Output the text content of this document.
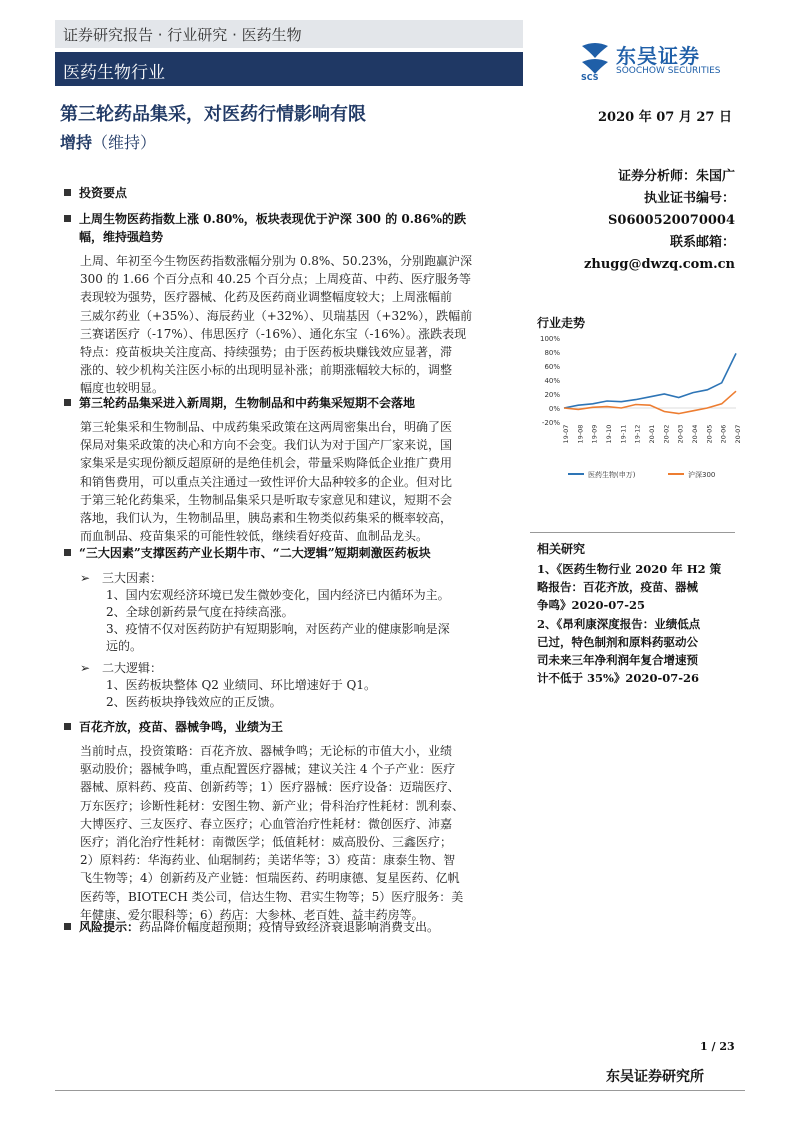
证券研究报告 · 行业研究 · 医药生物
医药生物行业	SCS
东吴证券
SOOCHOW SECURITIES
第三轮药品集采，对医药行情影响有限
增持（维持）
2020 年 07 月 27 日
证券分析师：朱国广
执业证书编号：
S0600520070004
联系邮箱：
zhugg@dwzq.com.cn
投资要点
上周生物医药指数上涨 0.80%，板块表现优于沪深 300 的 0.86%的跌
幅，维持强趋势
上周、年初至今生物医药指数涨幅分别为 0.8%、50.23%，分别跑赢沪深
300 的 1.66 个百分点和 40.25 个百分点；上周疫苗、中药、医疗服务等
表现较为强势，医疗器械、化药及医药商业调整幅度较大；上周涨幅前
三威尔药业（+35%）、海辰药业（+32%）、贝瑞基因（+32%），跌幅前
三赛诺医疗（-17%）、伟思医疗（-16%）、通化东宝（-16%）。涨跌表现
特点：疫苗板块关注度高、持续强势；由于医药板块赚钱效应显著，滞
涨的、较少机构关注医小标的出现明显补涨；前期涨幅较大标的，调整
幅度也较明显。
第三轮药品集采进入新周期，生物制品和中药集采短期不会落地
第三轮集采和生物制品、中成药集采政策在这两周密集出台，明确了医
保局对集采政策的决心和方向不会变。我们认为对于国产厂家来说，国
家集采是实现份额反超原研的是绝佳机会，带量采购降低企业推广费用
和销售费用，可以重点关注通过一致性评价大品种较多的企业。但对比
于第三轮化药集采，生物制品集采只是听取专家意见和建议，短期不会
落地，我们认为，生物制品里，胰岛素和生物类似药集采的概率较高，
而血制品、疫苗集采的可能性较低，继续看好疫苗、血制品龙头。
“三大因素”支撑医药产业长期牛市、“二大逻辑”短期刺激医药板块
➢ 三大因素：
1、国内宏观经济环境已发生微妙变化，国内经济已内循环为主。
2、全球创新药景气度在持续高涨。
3、疫情不仅对医药防护有短期影响，对医药产业的健康影响是深
远的。
➢ 二大逻辑：
1、医药板块整体 Q2 业绩同、环比增速好于 Q1。
2、医药板块挣钱效应的正反馈。
百花齐放，疫苗、器械争鸣，业绩为王
当前时点，投资策略：百花齐放、器械争鸣；无论标的市值大小，业绩
驱动股价；器械争鸣，重点配置医疗器械；建议关注 4 个子产业：医疗
器械、原料药、疫苗、创新药等；1）医疗器械：医疗设备：迈瑞医疗、
万东医疗；诊断性耗材：安图生物、新产业；骨科治疗性耗材：凯利泰、
大博医疗、三友医疗、春立医疗；心血管治疗性耗材：微创医疗、沛嘉
医疗；消化治疗性耗材：南微医学；低值耗材：威高股份、三鑫医疗；
2）原料药：华海药业、仙琚制药；美诺华等；3）疫苗：康泰生物、智
飞生物等；4）创新药及产业链：恒瑞医药、药明康德、复星医药、亿帆
医药等，BIOTECH 类公司，信达生物、君实生物等；5）医疗服务：美
年健康、爱尔眼科等；6）药店：大参林、老百姓、益丰药房等。
风险提示：药品降价幅度超预期；疫情导致经济衰退影响消费支出。
行业走势
100%
80%
60%
40%
20%
0%
-20%
19-07 19-08 19-09 19-10 19-11 19-12 20-01 20-02 20-03 20-04 20-05 20-06 20-07
医药生物(申万)	沪深300
相关研究
1、《医药生物行业 2020 年 H2 策
略报告：百花齐放，疫苗、器械
争鸣》2020-07-25
2、《昂利康深度报告：业绩低点
已过，特色制剂和原料药驱动公
司未来三年净利润年复合增速预
计不低于 35%》2020-07-26
1 / 23
东吴证券研究所
